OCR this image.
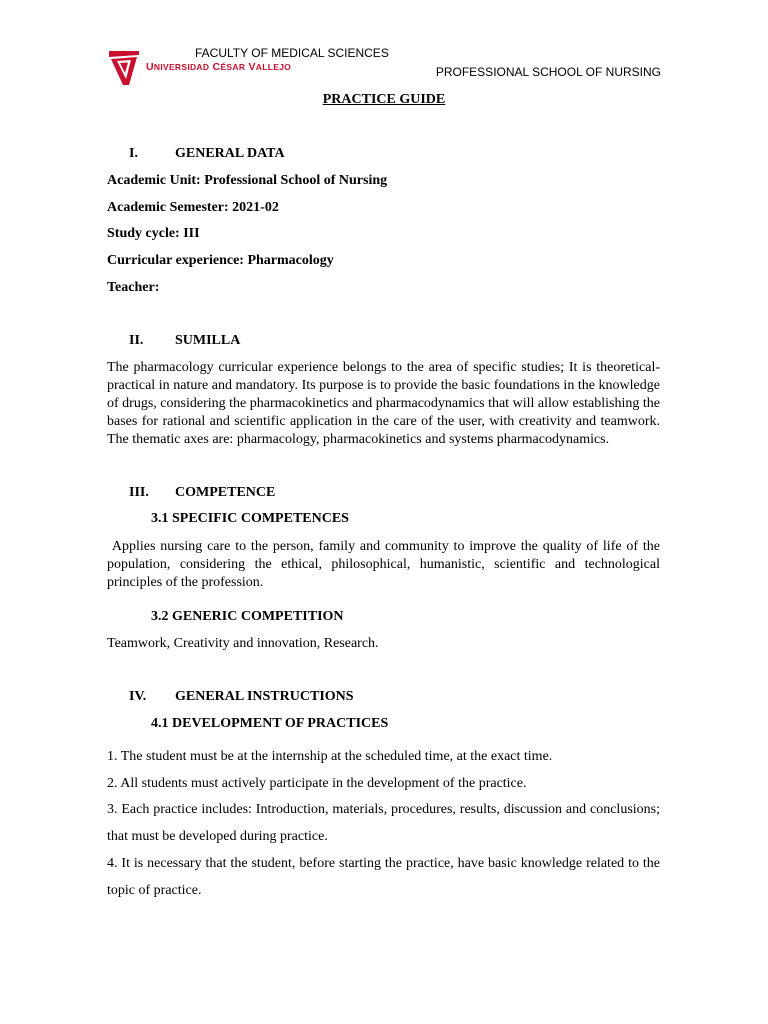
UNIVERSIDAD CÉSAR VALLEJO
FACULTY OF MEDICAL SCIENCES
PROFESSIONAL SCHOOL OF NURSING
PRACTICE GUIDE
I.	GENERAL DATA
Academic Unit: Professional School of Nursing
Academic Semester: 2021-02
Study cycle: III
Curricular experience: Pharmacology
Teacher:
II. SUMILLA
The pharmacology curricular experience belongs to the area of specific studies; It is theoretical-practical in nature and mandatory. Its purpose is to provide the basic foundations in the knowledge of drugs, considering the pharmacokinetics and pharmacodynamics that will allow establishing the bases for rational and scientific application in the care of the user, with creativity and teamwork. The thematic axes are: pharmacology, pharmacokinetics and systems pharmacodynamics.
III. COMPETENCE
3.1 SPECIFIC COMPETENCES
Applies nursing care to the person, family and community to improve the quality of life of the population, considering the ethical, philosophical, humanistic, scientific and technological principles of the profession.
3.2 GENERIC COMPETITION
Teamwork, Creativity and innovation, Research.
IV. GENERAL INSTRUCTIONS
4.1 DEVELOPMENT OF PRACTICES
1. The student must be at the internship at the scheduled time, at the exact time.
2. All students must actively participate in the development of the practice.
3. Each practice includes: Introduction, materials, procedures, results, discussion and conclusions; that must be developed during practice.
4. It is necessary that the student, before starting the practice, have basic knowledge related to the topic of practice.
